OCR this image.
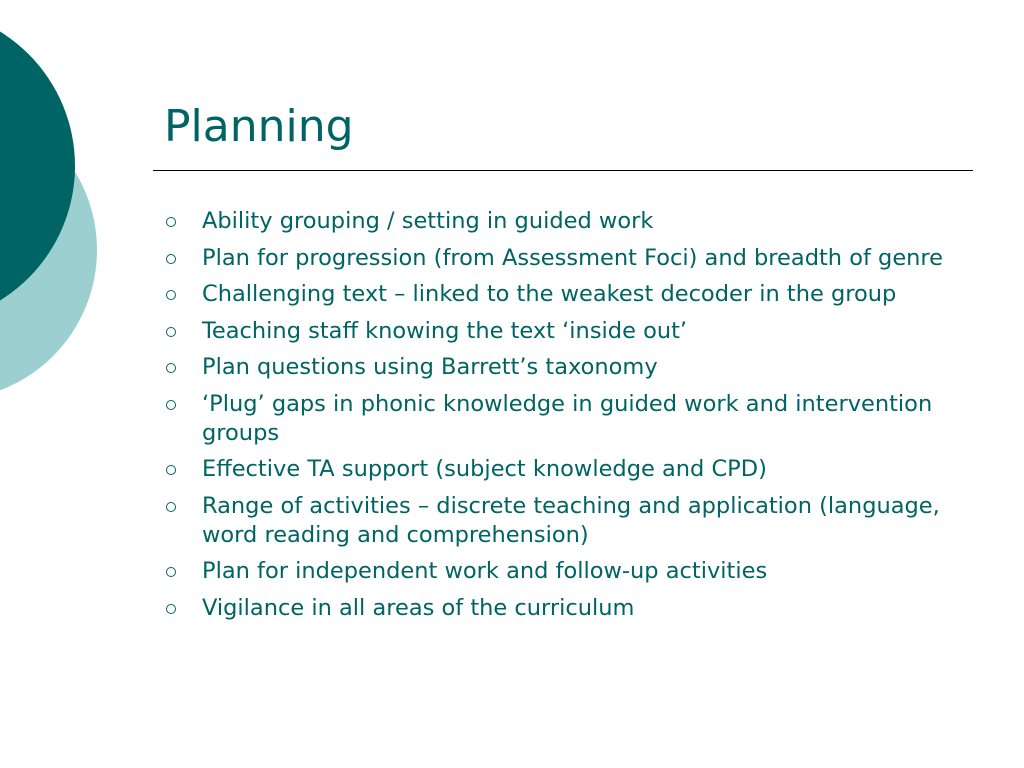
Planning
Ability grouping / setting in guided work
Plan for progression (from Assessment Foci) and breadth of genre
Challenging text – linked to the weakest decoder in the group
Teaching staff knowing the text ‘inside out’
Plan questions using Barrett’s taxonomy
‘Plug’ gaps in phonic knowledge in guided work and intervention groups
Effective TA support (subject knowledge and CPD)
Range of activities – discrete teaching and application (language, word reading and comprehension)
Plan for independent work and follow-up activities
Vigilance in all areas of the curriculum
